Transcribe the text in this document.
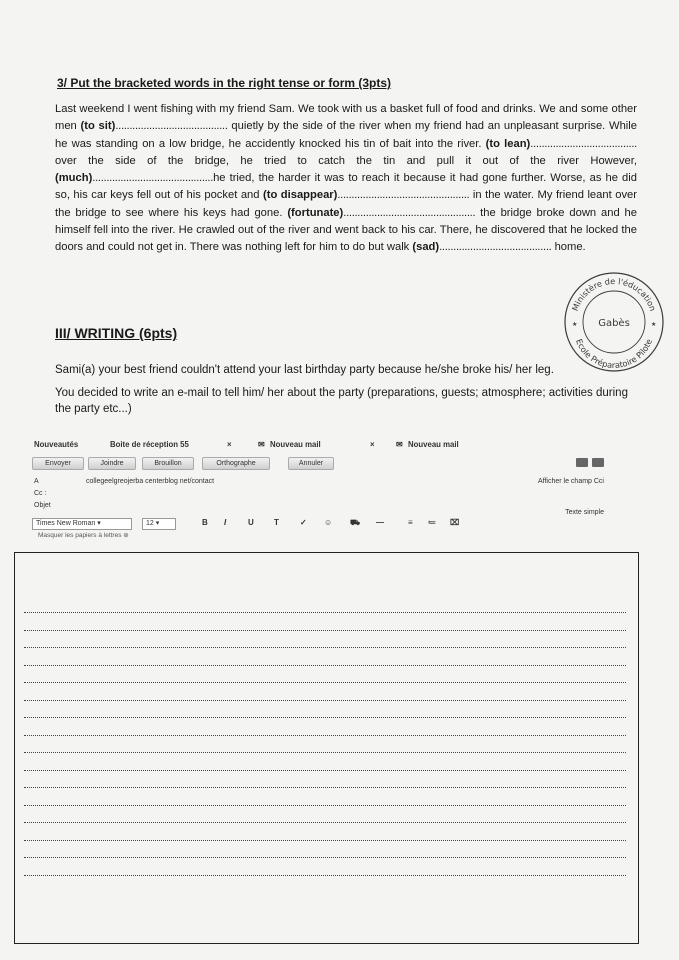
3/ Put the bracketed words in the right tense or form (3pts)
Last weekend I went fishing with my friend Sam. We took with us a basket full of food and drinks. We and some other men (to sit)........................................ quietly by the side of the river when my friend had an unpleasant surprise. While he was standing on a low bridge, he accidently knocked his tin of bait into the river. (to lean)...................................... over the side of the bridge, he tried to catch the tin and pull it out of the river However, (much)...........................................he tried, the harder it was to reach it because it had gone further. Worse, as he did so, his car keys fell out of his pocket and (to disappear)............................................... in the water. My friend leant over the bridge to see where his keys had gone. (fortunate)............................................... the bridge broke down and he himself fell into the river. He crawled out of the river and went back to his car. There, he discovered that he locked the doors and could not get in. There was nothing left for him to do but walk (sad)........................................ home.
Ministère de l'éducation
Gabès
Ecole Préparatoire Pilote
★	★
III/ WRITING (6pts)
Sami(a) your best friend couldn't attend your last birthday party because he/she broke his/ her leg.
You decided to write an e-mail to tell him/ her about the party (preparations, guests; atmosphere; activities during the party etc...)
Nouveautés	Boite de réception 55	×	✉ Nouveau mail	×	✉ Nouveau mail
Envoyer	Joindre	Brouillon	Orthographe	Annuler
A	collegeelgreojerba centerblog net/contact	Afficher le champ Cci
Cc :
Objet
Texte simple
Times New Roman ▾	12 ▾	B I	U	T	✓ ☺ ⛟ —	≡ ≔ ⌧
Masquer les papiers à lettres ⊛
